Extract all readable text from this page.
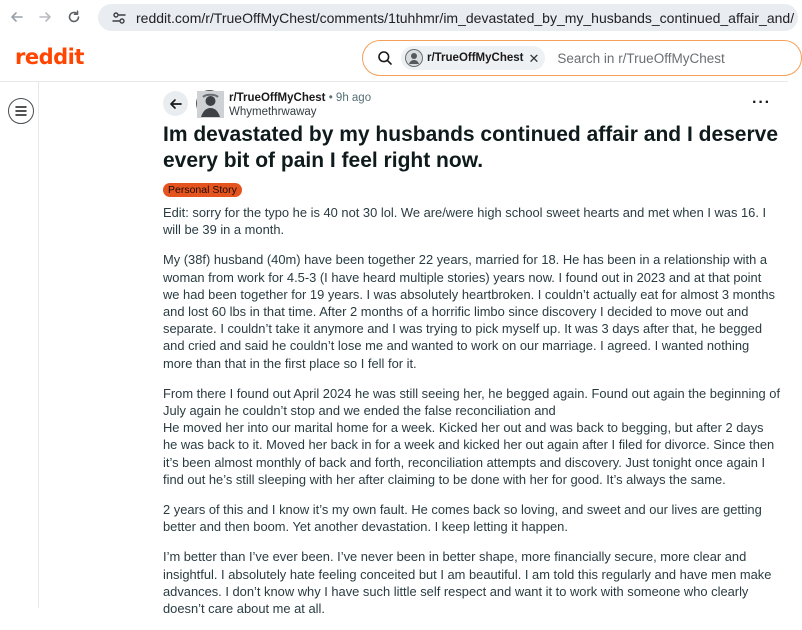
reddit.com/r/TrueOffMyChest/comments/1tuhhmr/im_devastated_by_my_husbands_continued_affair_and/
reddit	r/TrueOffMyChest ✕ Search in r/TrueOffMyChest
r/TrueOffMyChest • 9h ago
Whymethrwaway
···
Im devastated by my husbands continued affair and I deserve every bit of pain I feel right now.
Personal Story

Edit: sorry for the typo he is 40 not 30 lol. We are/were high school sweet hearts and met when I was 16. I will be 39 in a month.

My (38f) husband (40m) have been together 22 years, married for 18. He has been in a relationship with a woman from work for 4.5-3 (I have heard multiple stories) years now. I found out in 2023 and at that point we had been together for 19 years. I was absolutely heartbroken. I couldn’t actually eat for almost 3 months and lost 60 lbs in that time. After 2 months of a horrific limbo since discovery I decided to move out and separate. I couldn’t take it anymore and I was trying to pick myself up. It was 3 days after that, he begged and cried and said he couldn’t lose me and wanted to work on our marriage. I agreed. I wanted nothing more than that in the first place so I fell for it.

From there I found out April 2024 he was still seeing her, he begged again. Found out again the beginning of July again he couldn’t stop and we ended the false reconciliation and

He moved her into our marital home for a week. Kicked her out and was back to begging, but after 2 days he was back to it. Moved her back in for a week and kicked her out again after I filed for divorce. Since then it’s been almost monthly of back and forth, reconciliation attempts and discovery. Just tonight once again I find out he’s still sleeping with her after claiming to be done with her for good. It’s always the same.

2 years of this and I know it’s my own fault. He comes back so loving, and sweet and our lives are getting better and then boom. Yet another devastation. I keep letting it happen.

I’m better than I’ve ever been. I’ve never been in better shape, more financially secure, more clear and insightful. I absolutely hate feeling conceited but I am beautiful. I am told this regularly and have men make advances. I don’t know why I have such little self respect and want it to work with someone who clearly doesn’t care about me at all.
